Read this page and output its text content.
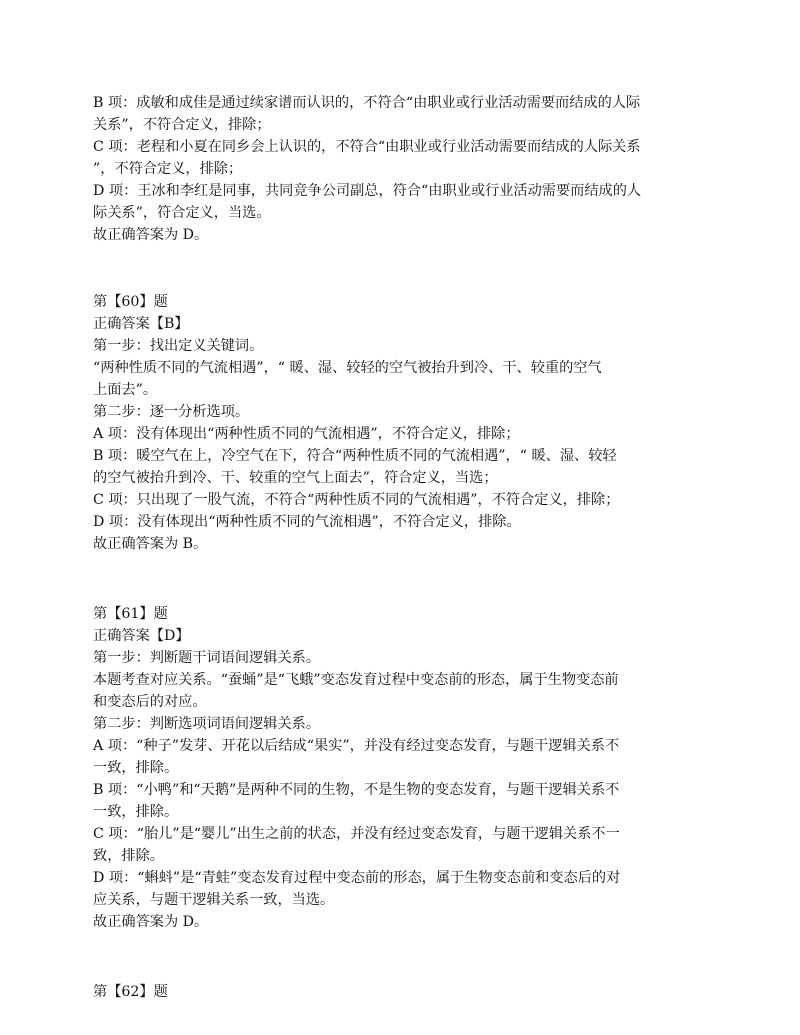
B 项：成敏和成佳是通过续家谱而认识的，不符合“由职业或行业活动需要而结成的人际
关系”，不符合定义，排除；
C 项：老程和小夏在同乡会上认识的，不符合“由职业或行业活动需要而结成的人际关系
”，不符合定义，排除；
D 项：王冰和李红是同事，共同竞争公司副总，符合“由职业或行业活动需要而结成的人
际关系”，符合定义，当选。
故正确答案为 D。
第【60】题
正确答案【B】
第一步：找出定义关键词。
“两种性质不同的气流相遇”，“ 暖、湿、较轻的空气被抬升到冷、干、较重的空气
上面去”。
第二步：逐一分析选项。
A 项：没有体现出“两种性质不同的气流相遇”，不符合定义，排除；
B 项：暖空气在上，冷空气在下，符合“两种性质不同的气流相遇”，“ 暖、湿、较轻
的空气被抬升到冷、干、较重的空气上面去”，符合定义，当选；
C 项：只出现了一股气流，不符合“两种性质不同的气流相遇”，不符合定义，排除；
D 项：没有体现出“两种性质不同的气流相遇”，不符合定义，排除。
故正确答案为 B。
第【61】题
正确答案【D】
第一步：判断题干词语间逻辑关系。
本题考查对应关系。“蚕蛹”是“飞蛾”变态发育过程中变态前的形态，属于生物变态前
和变态后的对应。
第二步：判断选项词语间逻辑关系。
A 项：“种子”发芽、开花以后结成“果实”，并没有经过变态发育，与题干逻辑关系不
一致，排除。
B 项：“小鸭”和“天鹅”是两种不同的生物，不是生物的变态发育，与题干逻辑关系不
一致，排除。
C 项：“胎儿”是“婴儿”出生之前的状态，并没有经过变态发育，与题干逻辑关系不一
致，排除。
D 项：“蝌蚪”是“青蛙”变态发育过程中变态前的形态，属于生物变态前和变态后的对
应关系，与题干逻辑关系一致，当选。
故正确答案为 D。
第【62】题
